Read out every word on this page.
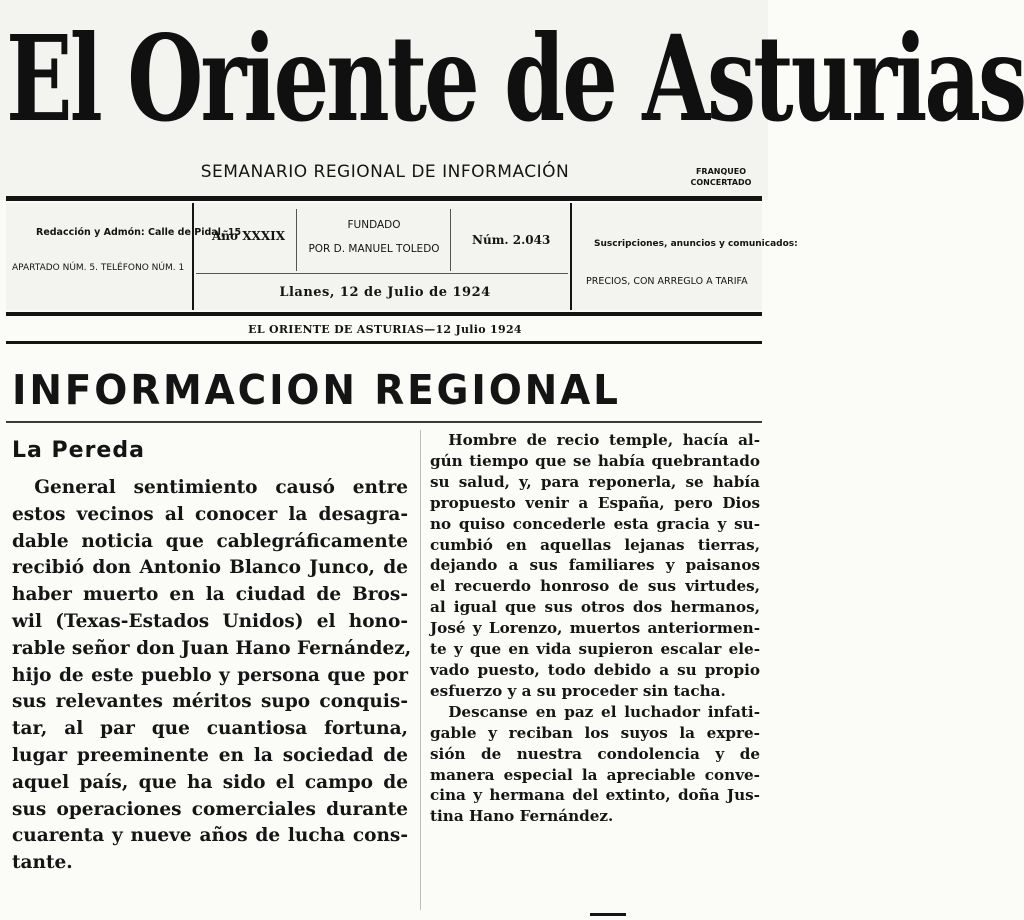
El Oriente de Asturias
SEMANARIO REGIONAL DE INFORMACIÓN	FRANQUEO
CONCERTADO
Redacción y Admón: Calle de Pidal, 15
APARTADO NÚM. 5. TELÉFONO NÚM. 1
Año XXXIX
FUNDADO
POR D. MANUEL TOLEDO
Núm. 2.043	Suscripciones, anuncios y comunicados:
PRECIOS, CON ARREGLO A TARIFA
Llanes, 12 de Julio de 1924
EL ORIENTE DE ASTURIAS—12 Julio 1924
INFORMACION REGIONAL
La Pereda
General sentimiento causó entre
estos vecinos al conocer la desagra-
dable noticia que cablegráficamente
recibió don Antonio Blanco Junco, de
haber muerto en la ciudad de Bros-
wil (Texas-Estados Unidos) el hono-
rable señor don Juan Hano Fernández,
hijo de este pueblo y persona que por
sus relevantes méritos supo conquis-
tar, al par que cuantiosa fortuna,
lugar preeminente en la sociedad de
aquel país, que ha sido el campo de
sus operaciones comerciales durante
cuarenta y nueve años de lucha cons-
tante.
Hombre de recio temple, hacía al-
gún tiempo que se había quebrantado
su salud, y, para reponerla, se había
propuesto venir a España, pero Dios
no quiso concederle esta gracia y su-
cumbió en aquellas lejanas tierras,
dejando a sus familiares y paisanos
el recuerdo honroso de sus virtudes,
al igual que sus otros dos hermanos,
José y Lorenzo, muertos anteriormen-
te y que en vida supieron escalar ele-
vado puesto, todo debido a su propio
esfuerzo y a su proceder sin tacha.
Descanse en paz el luchador infati-
gable y reciban los suyos la expre-
sión de nuestra condolencia y de
manera especial la apreciable conve-
cina y hermana del extinto, doña Jus-
tina Hano Fernández.
